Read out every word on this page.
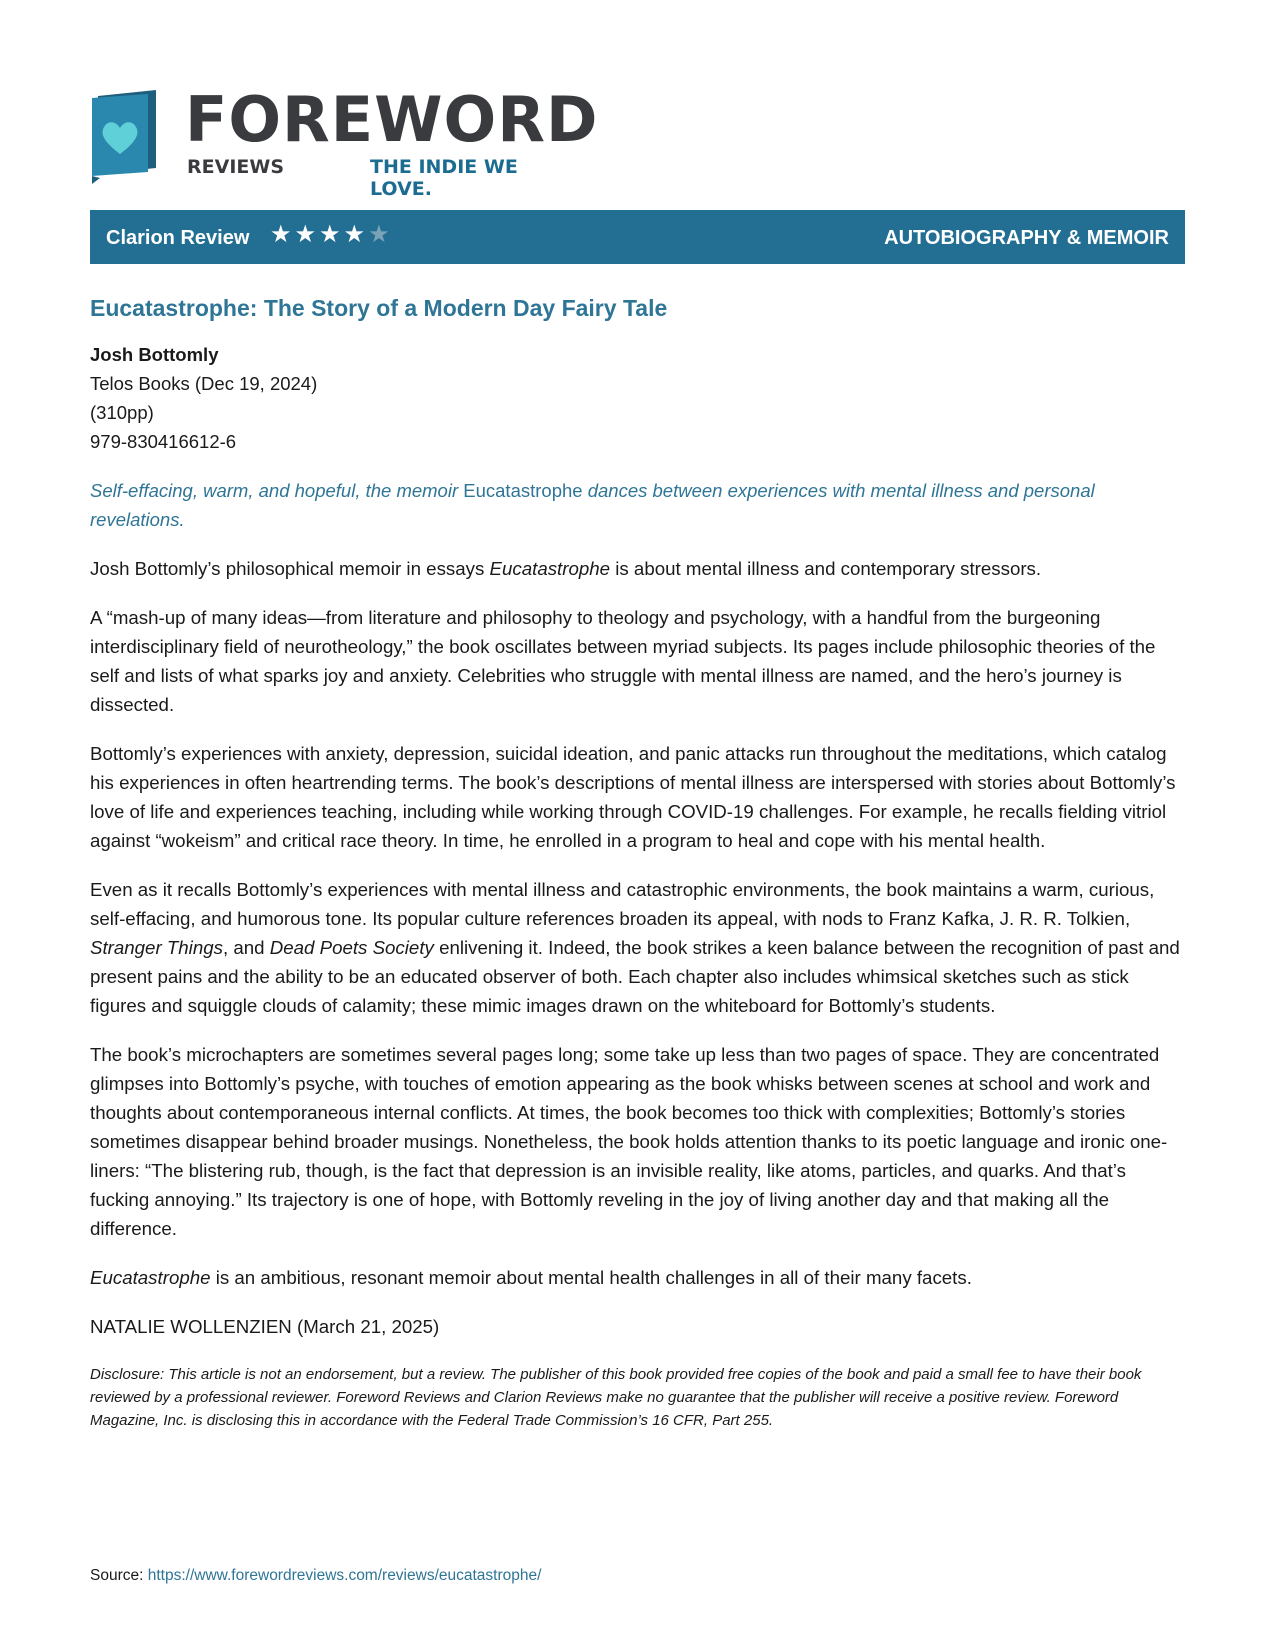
FOREWORD
REVIEWS	THE INDIE WE LOVE.
Clarion Review ★★★★★	AUTOBIOGRAPHY & MEMOIR
Eucatastrophe: The Story of a Modern Day Fairy Tale
Josh Bottomly
Telos Books (Dec 19, 2024)
(310pp)
979-830416612-6
Self-effacing, warm, and hopeful, the memoir Eucatastrophe dances between experiences with mental illness and personal revelations.

Josh Bottomly’s philosophical memoir in essays Eucatastrophe is about mental illness and contemporary stressors.

A “mash-up of many ideas—from literature and philosophy to theology and psychology, with a handful from the burgeoning interdisciplinary field of neurotheology,” the book oscillates between myriad subjects. Its pages include philosophic theories of the self and lists of what sparks joy and anxiety. Celebrities who struggle with mental illness are named, and the hero’s journey is dissected.

Bottomly’s experiences with anxiety, depression, suicidal ideation, and panic attacks run throughout the meditations, which catalog his experiences in often heartrending terms. The book’s descriptions of mental illness are interspersed with stories about Bottomly’s love of life and experiences teaching, including while working through COVID-19 challenges. For example, he recalls fielding vitriol against “wokeism” and critical race theory. In time, he enrolled in a program to heal and cope with his mental health.

Even as it recalls Bottomly’s experiences with mental illness and catastrophic environments, the book maintains a warm, curious, self-effacing, and humorous tone. Its popular culture references broaden its appeal, with nods to Franz Kafka, J. R. R. Tolkien, Stranger Things, and Dead Poets Society enlivening it. Indeed, the book strikes a keen balance between the recognition of past and present pains and the ability to be an educated observer of both. Each chapter also includes whimsical sketches such as stick figures and squiggle clouds of calamity; these mimic images drawn on the whiteboard for Bottomly’s students.

The book’s microchapters are sometimes several pages long; some take up less than two pages of space. They are concentrated glimpses into Bottomly’s psyche, with touches of emotion appearing as the book whisks between scenes at school and work and thoughts about contemporaneous internal conflicts. At times, the book becomes too thick with complexities; Bottomly’s stories sometimes disappear behind broader musings. Nonetheless, the book holds attention thanks to its poetic language and ironic one-liners: “The blistering rub, though, is the fact that depression is an invisible reality, like atoms, particles, and quarks. And that’s fucking annoying.” Its trajectory is one of hope, with Bottomly reveling in the joy of living another day and that making all the difference.

Eucatastrophe is an ambitious, resonant memoir about mental health challenges in all of their many facets.

NATALIE WOLLENZIEN (March 21, 2025)
Disclosure: This article is not an endorsement, but a review. The publisher of this book provided free copies of the book and paid a small fee to have their book reviewed by a professional reviewer. Foreword Reviews and Clarion Reviews make no guarantee that the publisher will receive a positive review. Foreword Magazine, Inc. is disclosing this in accordance with the Federal Trade Commission’s 16 CFR, Part 255.
Source: https://www.forewordreviews.com/reviews/eucatastrophe/
